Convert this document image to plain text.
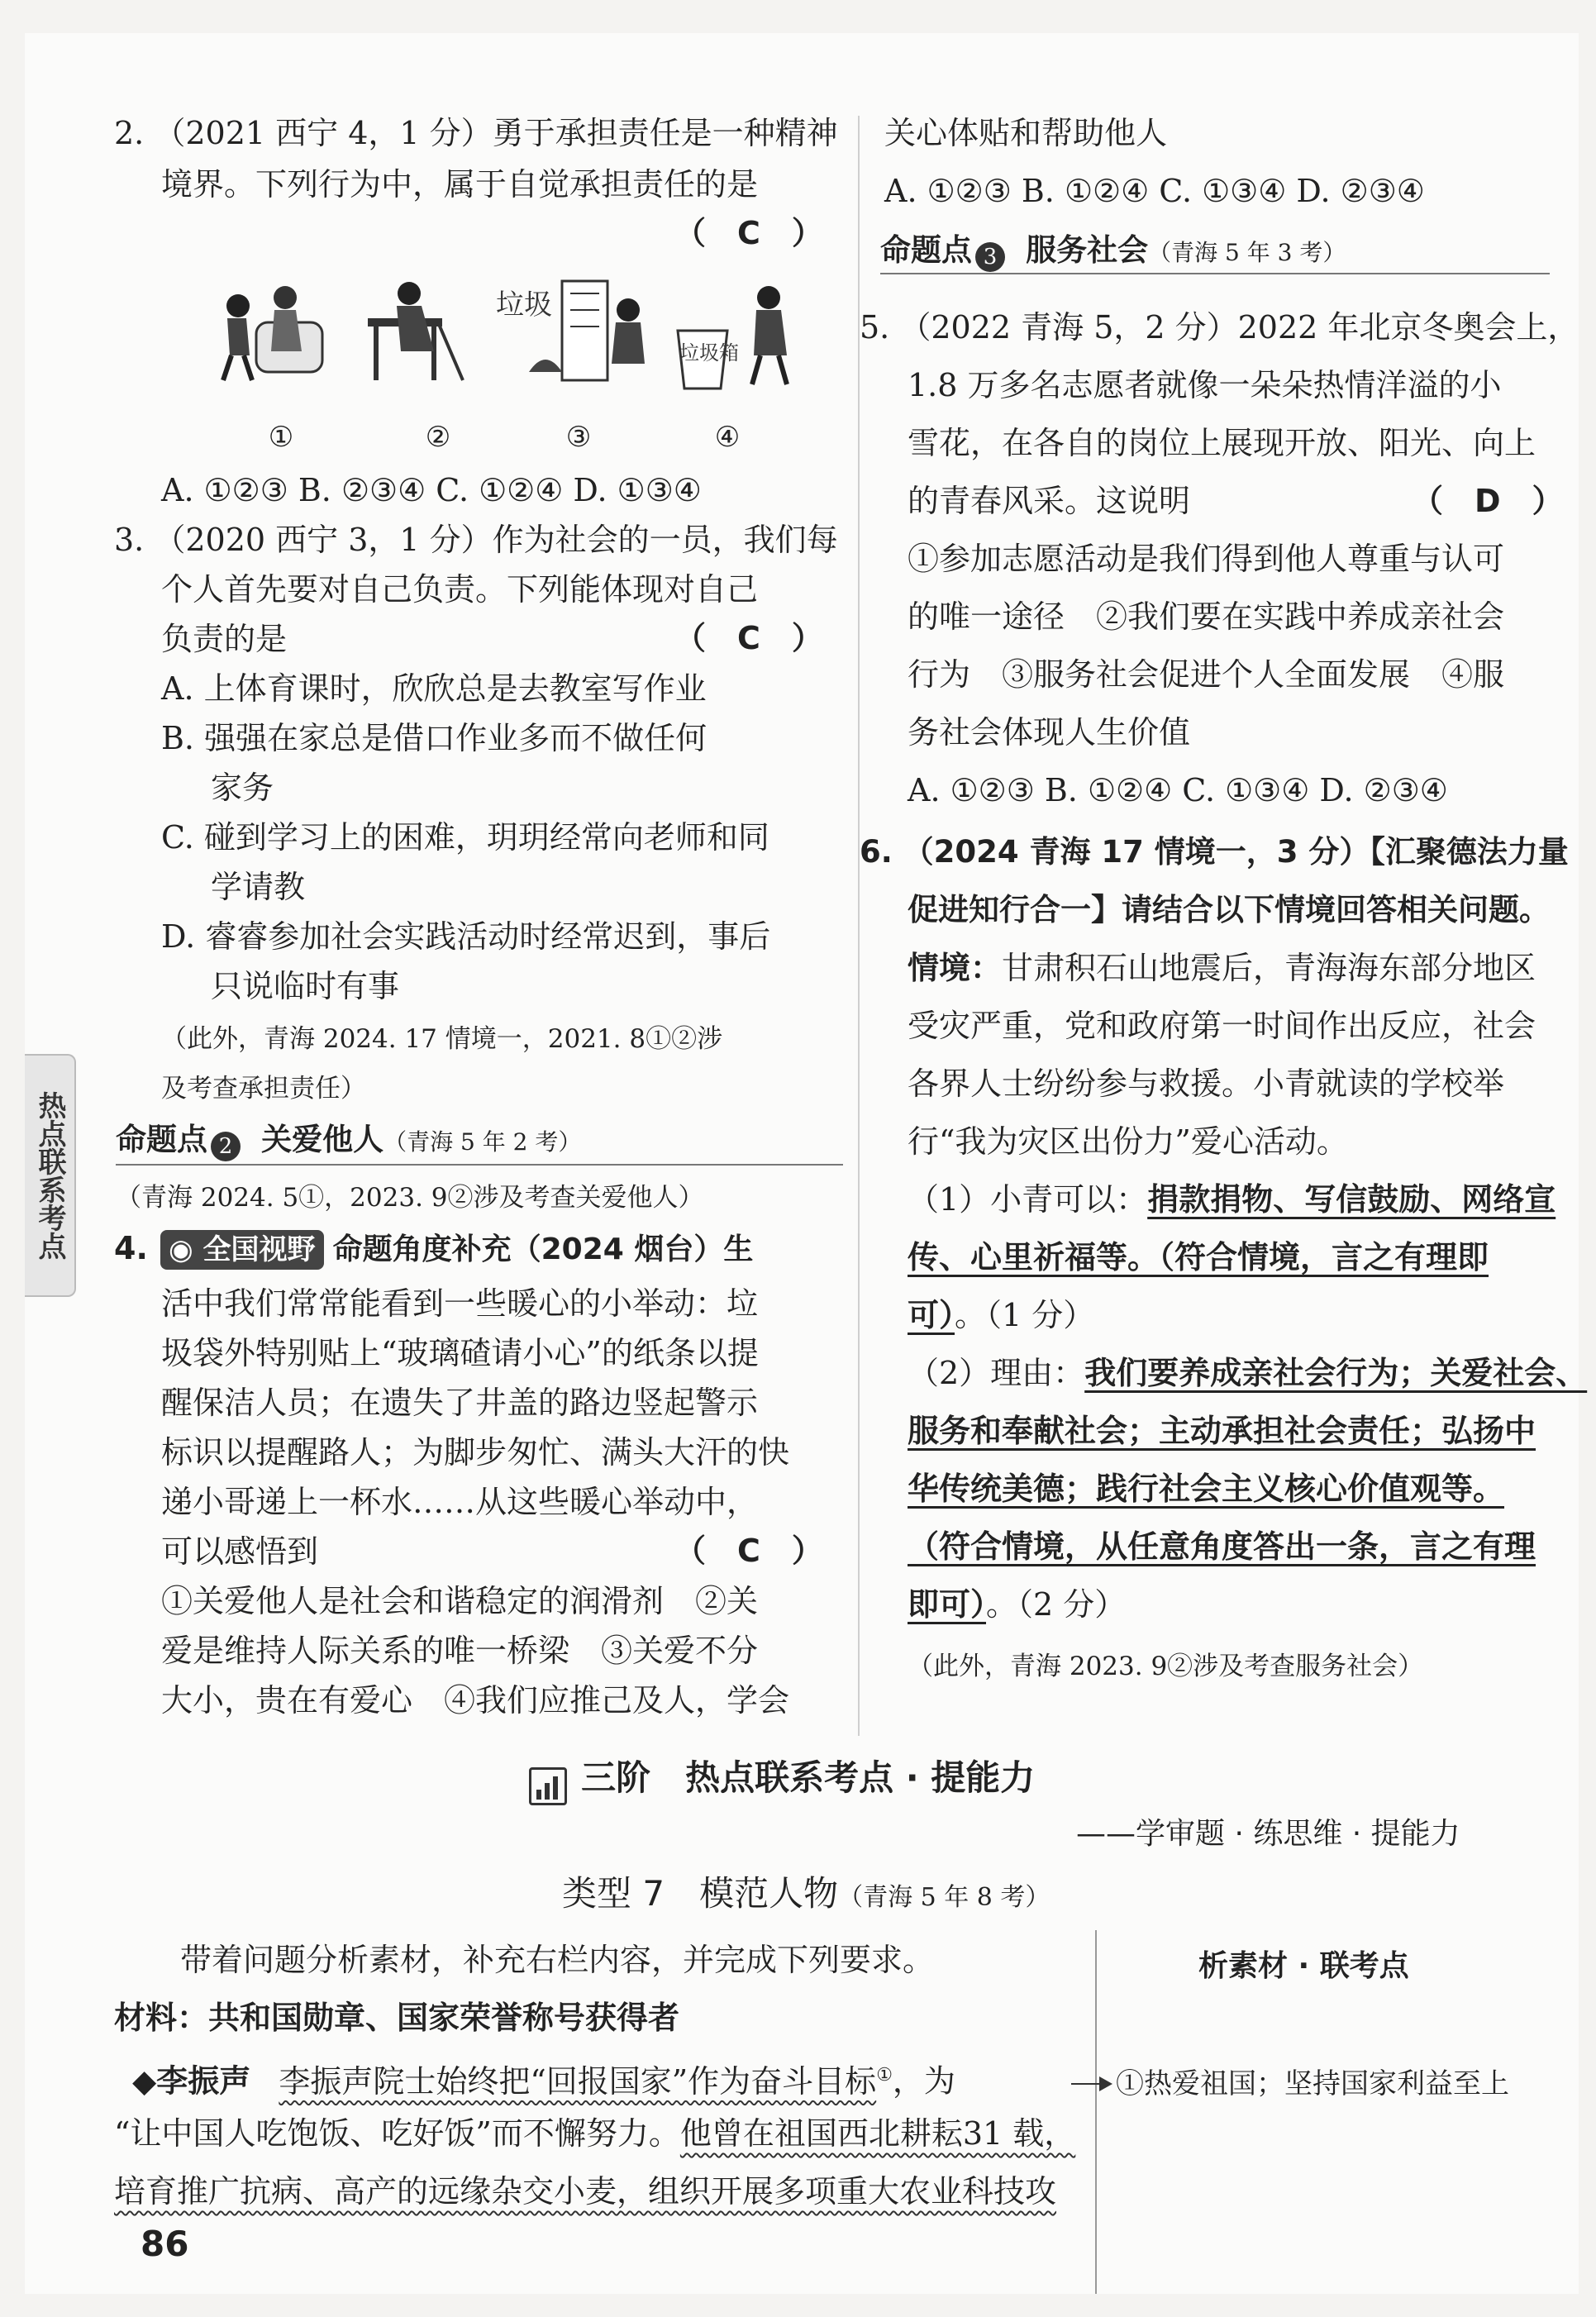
热点联系考点
2. （2021 西宁 4，1 分）勇于承担责任是一种精神
境界。下列行为中，属于自觉承担责任的是
（　C　）
垃圾
垃圾箱
①	②	③	④
A. ①②③ B. ②③④ C. ①②④ D. ①③④
3. （2020 西宁 3，1 分）作为社会的一员，我们每
个人首先要对自己负责。下列能体现对自己
负责的是	（　C　）
A. 上体育课时，欣欣总是去教室写作业
B. 强强在家总是借口作业多而不做任何
家务
C. 碰到学习上的困难，玥玥经常向老师和同
学请教
D. 睿睿参加社会实践活动时经常迟到，事后
只说临时有事
（此外，青海 2024. 17 情境一，2021. 8①②涉
及考查承担责任）
命题点 2 关爱他人（青海 5 年 2 考）
（青海 2024. 5①，2023. 9②涉及考查关爱他人）
4. ◉ 全国视野 命题角度补充（2024 烟台）生
活中我们常常能看到一些暖心的小举动：垃
圾袋外特别贴上“玻璃碴请小心”的纸条以提
醒保洁人员；在遗失了井盖的路边竖起警示
标识以提醒路人；为脚步匆忙、满头大汗的快
递小哥递上一杯水……从这些暖心举动中，
可以感悟到	（　C　）
①关爱他人是社会和谐稳定的润滑剂　②关
爱是维持人际关系的唯一桥梁　③关爱不分
大小，贵在有爱心　④我们应推己及人，学会
关心体贴和帮助他人
A. ①②③ B. ①②④ C. ①③④ D. ②③④
命题点 3 服务社会（青海 5 年 3 考）
5. （2022 青海 5，2 分）2022 年北京冬奥会上，
1.8 万多名志愿者就像一朵朵热情洋溢的小
雪花，在各自的岗位上展现开放、阳光、向上
的青春风采。这说明	（　D　）
①参加志愿活动是我们得到他人尊重与认可
的唯一途径　②我们要在实践中养成亲社会
行为　③服务社会促进个人全面发展　④服
务社会体现人生价值
A. ①②③ B. ①②④ C. ①③④ D. ②③④
6. （2024 青海 17 情境一，3 分）【汇聚德法力量
促进知行合一】请结合以下情境回答相关问题。
情境：甘肃积石山地震后，青海海东部分地区
受灾严重，党和政府第一时间作出反应，社会
各界人士纷纷参与救援。小青就读的学校举
行“我为灾区出份力”爱心活动。
（1）小青可以：捐款捐物、写信鼓励、网络宣
传、心里祈福等。（符合情境，言之有理即
可）。（1 分）
（2）理由：我们要养成亲社会行为；关爱社会、
服务和奉献社会；主动承担社会责任；弘扬中
华传统美德；践行社会主义核心价值观等。
（符合情境，从任意角度答出一条，言之有理
即可）。（2 分）
（此外，青海 2023. 9②涉及考查服务社会）
三阶　热点联系考点 · 提能力
——学审题 · 练思维 · 提能力
类型 7　模范人物（青海 5 年 8 考）
带着问题分析素材，补充右栏内容，并完成下列要求。	析素材 · 联考点
材料：共和国勋章、国家荣誉称号获得者
◆李振声 李振声院士始终把“回报国家”作为奋斗目标①，为	①热爱祖国；坚持国家利益至上
“让中国人吃饱饭、吃好饭”而不懈努力。他曾在祖国西北耕耘31 载，
培育推广抗病、高产的远缘杂交小麦，组织开展多项重大农业科技攻
86
